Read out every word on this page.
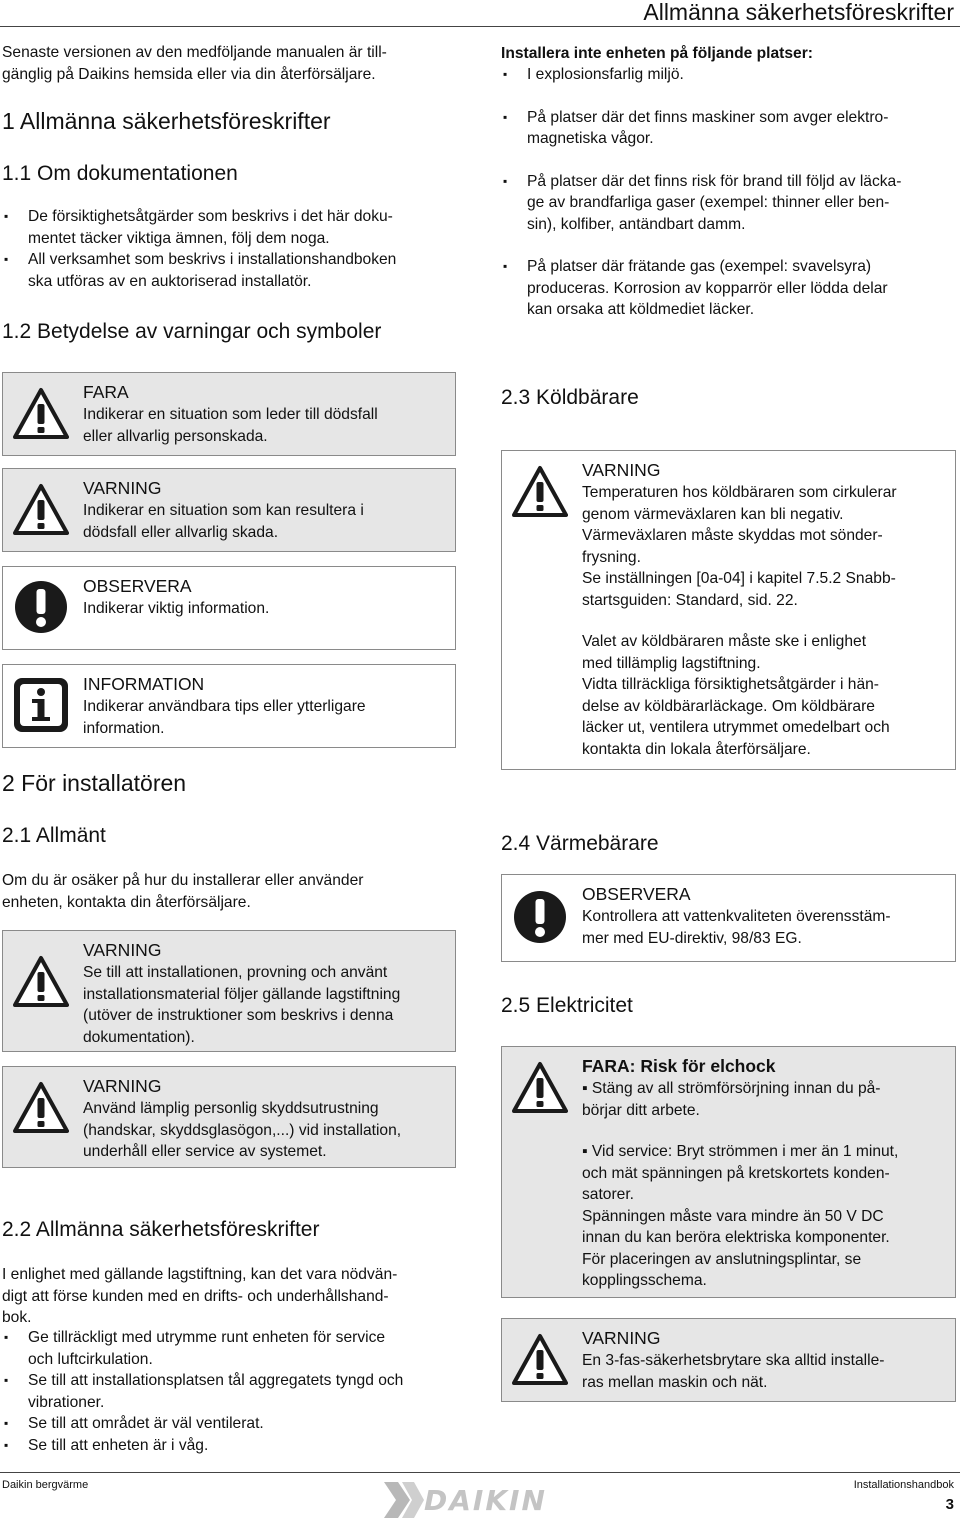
Allmänna säkerhetsföreskrifter

Senaste versionen av den medföljande manualen är till-
gänglig på Daikins hemsida eller via din återförsäljare.

1 Allmänna säkerhetsföreskrifter
1.1 Om dokumentationen
▪ De försiktighetsåtgärder som beskrivs i det här doku-
mentet täcker viktiga ämnen, följ dem noga.
▪ All verksamhet som beskrivs i installationshandboken
ska utföras av en auktoriserad installatör.
1.2 Betydelse av varningar och symboler
FARA
Indikerar en situation som leder till dödsfall
eller allvarlig personskada.
VARNING
Indikerar en situation som kan resultera i
dödsfall eller allvarlig skada.
OBSERVERA
Indikerar viktig information.
INFORMATION
Indikerar användbara tips eller ytterligare
information.
2 För installatören
2.1 Allmänt

Om du är osäker på hur du installerar eller använder
enheten, kontakta din återförsäljare.

VARNING
Se till att installationen, provning och använt
installationsmaterial följer gällande lagstiftning
(utöver de instruktioner som beskrivs i denna
dokumentation).
VARNING
Använd lämplig personlig skyddsutrustning
(handskar, skyddsglasögon,...) vid installation,
underhåll eller service av systemet.
2.2 Allmänna säkerhetsföreskrifter

I enlighet med gällande lagstiftning, kan det vara nödvän-
digt att förse kunden med en drifts- och underhållshand-
bok.

▪ Ge tillräckligt med utrymme runt enheten för service
och luftcirkulation.
▪ Se till att installationsplatsen tål aggregatets tyngd och
vibrationer.
▪ Se till att området är väl ventilerat.
▪ Se till att enheten är i våg.
Installera inte enheten på följande platser:
▪ I explosionsfarlig miljö.
▪ På platser där det finns maskiner som avger elektro-
magnetiska vågor.
▪ På platser där det finns risk för brand till följd av läcka-
ge av brandfarliga gaser (exempel: thinner eller ben-
sin), kolfiber, antändbart damm.
▪ På platser där frätande gas (exempel: svavelsyra)
produceras. Korrosion av kopparrör eller lödda delar
kan orsaka att köldmediet läcker.
2.3 Köldbärare
VARNING
Temperaturen hos köldbäraren som cirkulerar
genom värmeväxlaren kan bli negativ.
Värmeväxlaren måste skyddas mot sönder-
frysning.
Se inställningen [0a-04] i kapitel 7.5.2 Snabb-
startsguiden: Standard, sid. 22.
Valet av köldbäraren måste ske i enlighet
med tillämplig lagstiftning.
Vidta tillräckliga försiktighetsåtgärder i hän-
delse av köldbärarläckage. Om köldbärare
läcker ut, ventilera utrymmet omedelbart och
kontakta din lokala återförsäljare.
2.4 Värmebärare
OBSERVERA
Kontrollera att vattenkvaliteten överensstäm-
mer med EU-direktiv, 98/83 EG.
2.5 Elektricitet
FARA: Risk för elchock
▪ Stäng av all strömförsörjning innan du på-
börjar ditt arbete.
▪ Vid service: Bryt strömmen i mer än 1 minut,
och mät spänningen på kretskortets konden-
satorer.
Spänningen måste vara mindre än 50 V DC
innan du kan beröra elektriska komponenter.
För placeringen av anslutningsplintar, se
kopplingsschema.
VARNING
En 3-fas-säkerhetsbrytare ska alltid installe-
ras mellan maskin och nät.
Daikin bergvärme	DAIKIN	Installationshandbok
3
